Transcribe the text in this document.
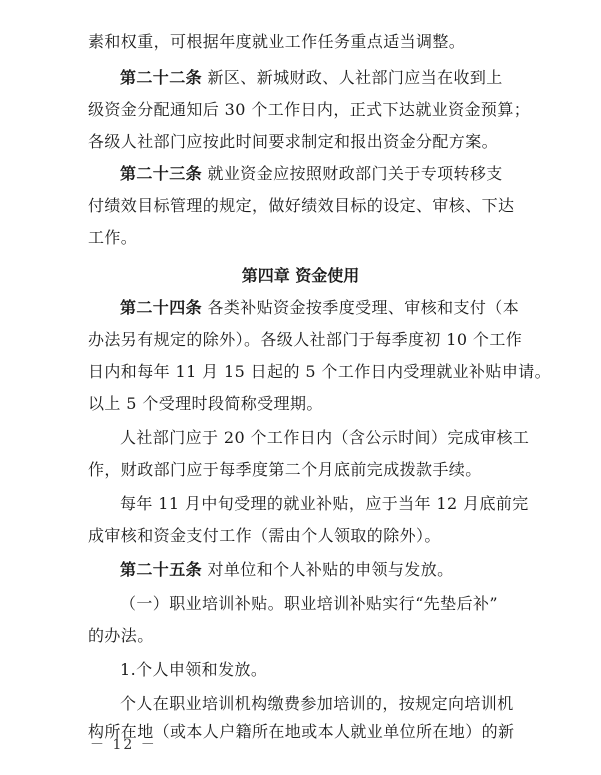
素和权重，可根据年度就业工作任务重点适当调整。
第二十二条 新区、新城财政、人社部门应当在收到上
级资金分配通知后 30 个工作日内，正式下达就业资金预算；
各级人社部门应按此时间要求制定和报出资金分配方案。
第二十三条 就业资金应按照财政部门关于专项转移支
付绩效目标管理的规定，做好绩效目标的设定、审核、下达
工作。
第四章 资金使用
第二十四条 各类补贴资金按季度受理、审核和支付（本
办法另有规定的除外）。各级人社部门于每季度初 10 个工作
日内和每年 11 月 15 日起的 5 个工作日内受理就业补贴申请。
以上 5 个受理时段简称受理期。
人社部门应于 20 个工作日内（含公示时间）完成审核工
作，财政部门应于每季度第二个月底前完成拨款手续。
每年 11 月中旬受理的就业补贴，应于当年 12 月底前完
成审核和资金支付工作（需由个人领取的除外）。
第二十五条 对单位和个人补贴的申领与发放。
（一）职业培训补贴。职业培训补贴实行“先垫后补”
的办法。
1.个人申领和发放。
个人在职业培训机构缴费参加培训的，按规定向培训机
构所在地（或本人户籍所在地或本人就业单位所在地）的新
－ 12 －
